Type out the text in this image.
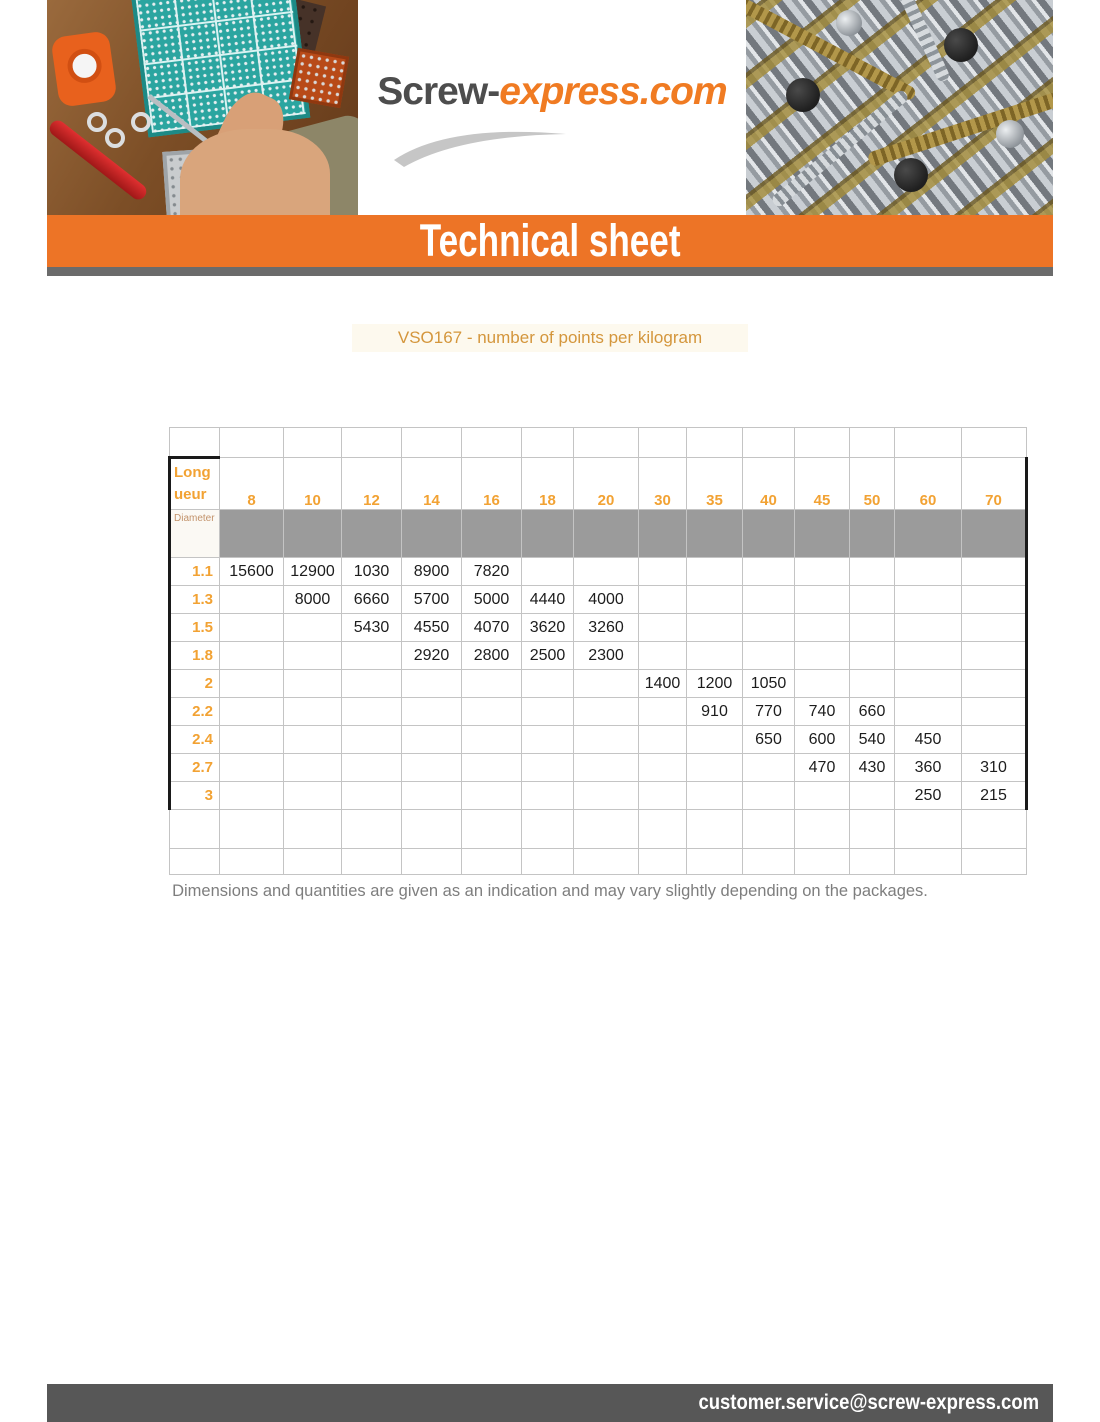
Screw-express.com
Technical sheet
VSO167 - number of points per kilogram

Long
ueur	8	10	12	14	16	18	20	30	35	40	45	50	60	70
Diameter														
1.1	15600	12900	1030	8900	7820									
1.3		8000	6660	5700	5000	4440	4000							
1.5			5430	4550	4070	3620	3260							
1.8				2920	2800	2500	2300							
2								1400	1200	1050				
2.2									910	770	740	660		
2.4										650	600	540	450	
2.7											470	430	360	310
3													250	215

Dimensions and quantities are given as an indication and may vary slightly depending on the packages.
customer.service@screw-express.com
